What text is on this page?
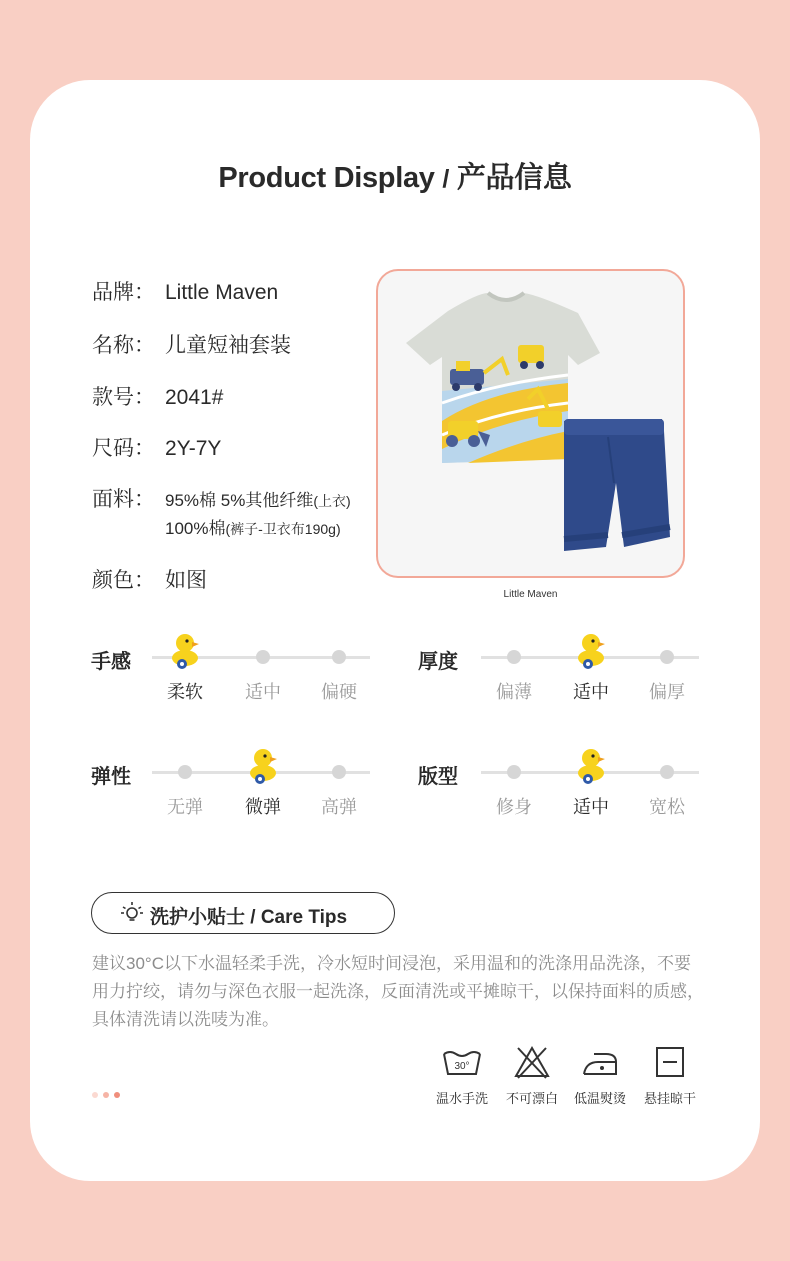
Product Display / 产品信息
品牌： Little Maven
名称： 儿童短袖套装
款号： 2041#
尺码： 2Y-7Y
面料： 95%棉 5%其他纤维(上衣)
100%棉(裤子-卫衣布190g)
颜色： 如图
Little Maven
手感
柔软	适中	偏硬
厚度
偏薄	适中	偏厚
弹性
无弹	微弹	高弹
版型
修身	适中	宽松
洗护小贴士 / Care Tips
建议30°C以下水温轻柔手洗，冷水短时间浸泡，采用温和的洗涤用品洗涤，不要用力拧绞，请勿与深色衣服一起洗涤，反面清洗或平摊晾干，以保持面料的质感，具体清洗请以洗唛为准。
30°
温水手洗	不可漂白	低温熨烫	悬挂晾干
